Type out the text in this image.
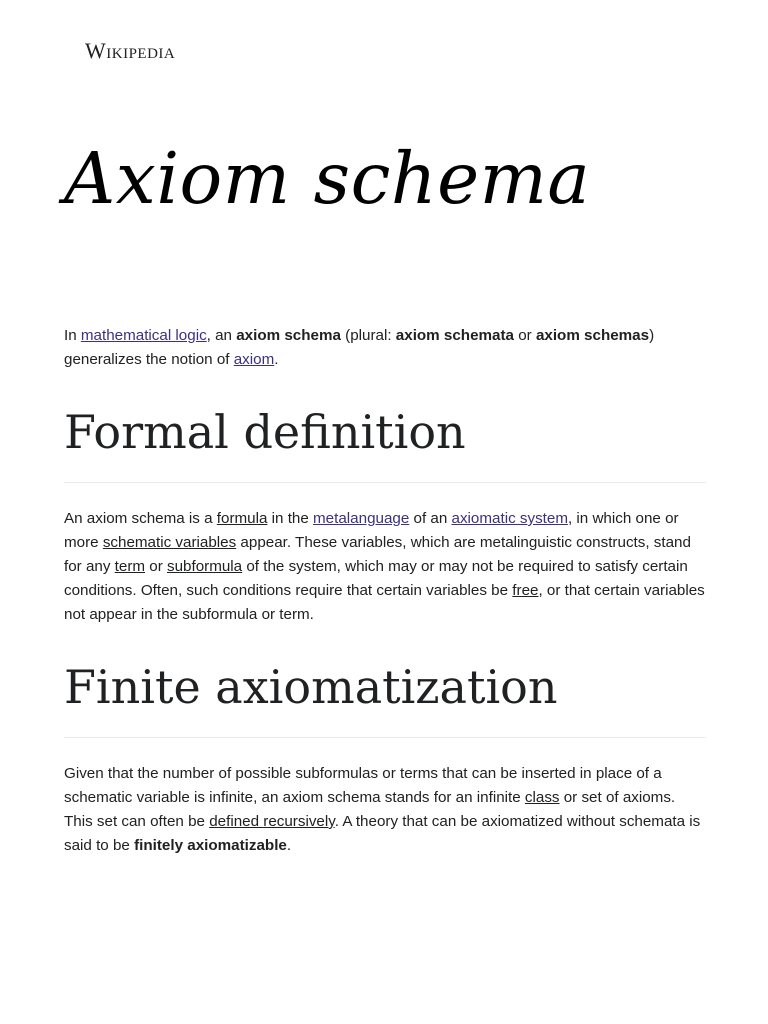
Wikipedia
Axiom schema

In mathematical logic, an axiom schema (plural: axiom schemata or axiom schemas) generalizes the notion of axiom.

Formal definition

An axiom schema is a formula in the metalanguage of an axiomatic system, in which one or more schematic variables appear. These variables, which are metalinguistic constructs, stand for any term or subformula of the system, which may or may not be required to satisfy certain conditions. Often, such conditions require that certain variables be free, or that certain variables not appear in the subformula or term.

Finite axiomatization

Given that the number of possible subformulas or terms that can be inserted in place of a schematic variable is infinite, an axiom schema stands for an infinite class or set of axioms. This set can often be defined recursively. A theory that can be axiomatized without schemata is said to be finitely axiomatizable.
